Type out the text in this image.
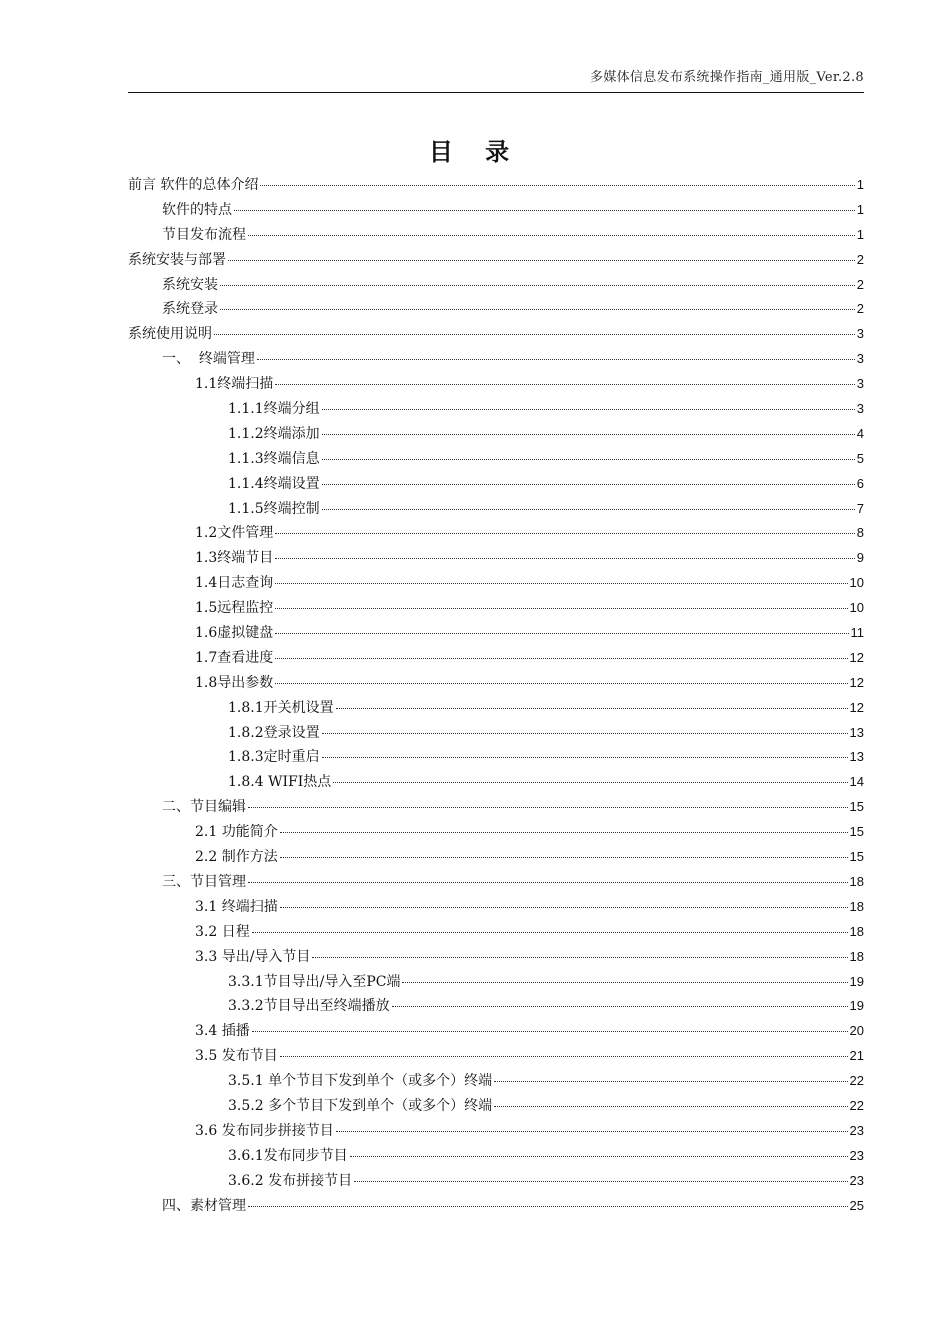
多媒体信息发布系统操作指南_通用版_Ver.2.8
目 录
前言 软件的总体介绍	1
软件的特点	1
节目发布流程	1
系统安装与部署	2
系统安装	2
系统登录	2
系统使用说明	3
一、  终端管理	3
1.1终端扫描	3
1.1.1终端分组	3
1.1.2终端添加	4
1.1.3终端信息	5
1.1.4终端设置	6
1.1.5终端控制	7
1.2文件管理	8
1.3终端节目	9
1.4日志查询	10
1.5远程监控	10
1.6虚拟键盘	11
1.7查看进度	12
1.8导出参数	12
1.8.1开关机设置	12
1.8.2登录设置	13
1.8.3定时重启	13
1.8.4 WIFI热点	14
二、节目编辑	15
2.1 功能简介	15
2.2 制作方法	15
三、节目管理	18
3.1 终端扫描	18
3.2 日程	18
3.3 导出/导入节目	18
3.3.1节目导出/导入至PC端	19
3.3.2节目导出至终端播放	19
3.4 插播	20
3.5 发布节目	21
3.5.1 单个节目下发到单个（或多个）终端	22
3.5.2 多个节目下发到单个（或多个）终端	22
3.6 发布同步拼接节目	23
3.6.1发布同步节目	23
3.6.2 发布拼接节目	23
四、素材管理	25
